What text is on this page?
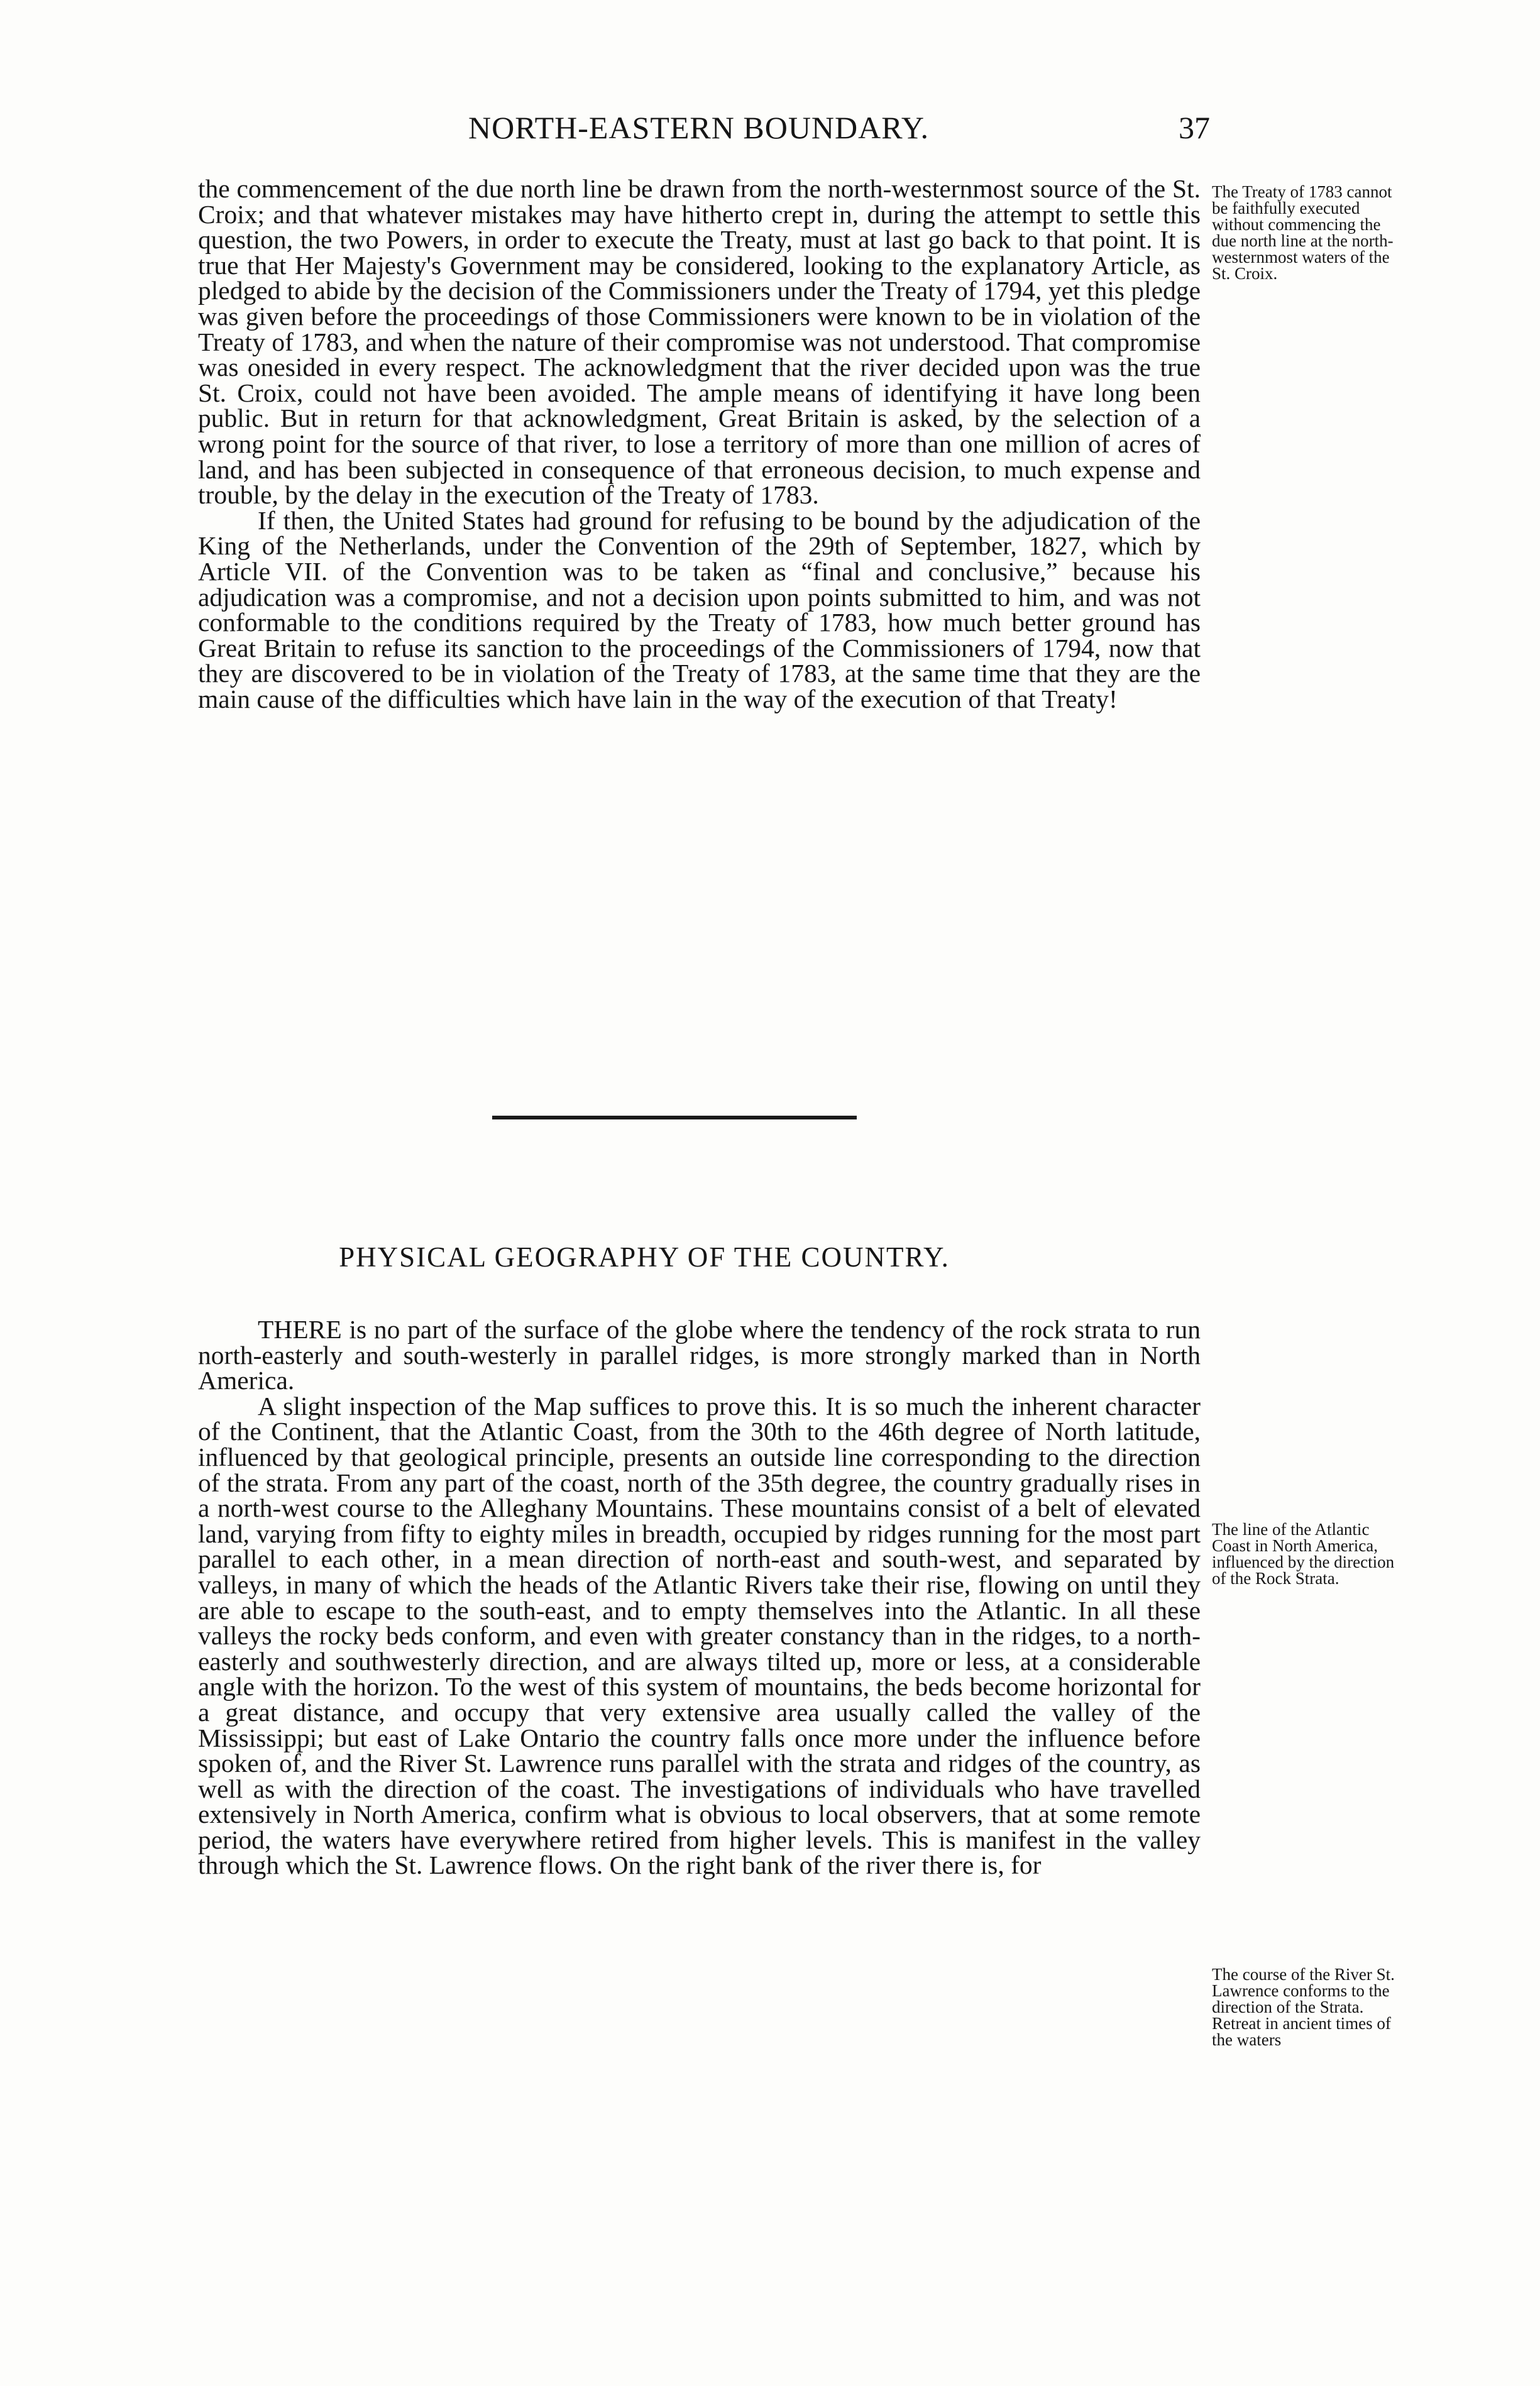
NORTH-EASTERN BOUNDARY.	37

the commencement of the due north line be drawn from the north-westernmost source of the St. Croix; and that whatever mistakes may have hitherto crept in, during the attempt to settle this question, the two Powers, in order to execute the Treaty, must at last go back to that point. It is true that Her Majesty's Government may be considered, looking to the explanatory Article, as pledged to abide by the decision of the Commissioners under the Treaty of 1794, yet this pledge was given before the proceedings of those Commissioners were known to be in violation of the Treaty of 1783, and when the nature of their compromise was not understood. That compromise was onesided in every respect. The acknowledgment that the river decided upon was the true St. Croix, could not have been avoided. The ample means of identifying it have long been public. But in return for that acknowledgment, Great Britain is asked, by the selection of a wrong point for the source of that river, to lose a territory of more than one million of acres of land, and has been subjected in consequence of that erroneous decision, to much expense and trouble, by the delay in the execution of the Treaty of 1783.

If then, the United States had ground for refusing to be bound by the adjudication of the King of the Netherlands, under the Convention of the 29th of September, 1827, which by Article VII. of the Convention was to be taken as “final and conclusive,” because his adjudication was a compromise, and not a decision upon points submitted to him, and was not conformable to the conditions required by the Treaty of 1783, how much better ground has Great Britain to refuse its sanction to the proceedings of the Commissioners of 1794, now that they are discovered to be in violation of the Treaty of 1783, at the same time that they are the main cause of the difficulties which have lain in the way of the execution of that Treaty!

The Treaty of 1783 cannot be faithfully executed without commencing the due north line at the north-westernmost waters of the St. Croix.
PHYSICAL GEOGRAPHY OF THE COUNTRY.

THERE is no part of the surface of the globe where the tendency of the rock strata to run north-easterly and south-westerly in parallel ridges, is more strongly marked than in North America.

A slight inspection of the Map suffices to prove this. It is so much the inherent character of the Continent, that the Atlantic Coast, from the 30th to the 46th degree of North latitude, influenced by that geological principle, presents an outside line corresponding to the direction of the strata. From any part of the coast, north of the 35th degree, the country gradually rises in a north-west course to the Alleghany Mountains. These mountains consist of a belt of elevated land, varying from fifty to eighty miles in breadth, occupied by ridges running for the most part parallel to each other, in a mean direction of north-east and south-west, and separated by valleys, in many of which the heads of the Atlantic Rivers take their rise, flowing on until they are able to escape to the south-east, and to empty themselves into the Atlantic. In all these valleys the rocky beds conform, and even with greater constancy than in the ridges, to a north-easterly and southwesterly direction, and are always tilted up, more or less, at a considerable angle with the horizon. To the west of this system of mountains, the beds become horizontal for a great distance, and occupy that very extensive area usually called the valley of the Mississippi; but east of Lake Ontario the country falls once more under the influence before spoken of, and the River St. Lawrence runs parallel with the strata and ridges of the country, as well as with the direction of the coast. The investigations of individuals who have travelled extensively in North America, confirm what is obvious to local observers, that at some remote period, the waters have everywhere retired from higher levels. This is manifest in the valley through which the St. Lawrence flows. On the right bank of the river there is, for

The line of the Atlantic Coast in North America, influenced by the direction of the Rock Strata.
The course of the River St. Lawrence conforms to the direction of the Strata. Retreat in ancient times of the waters
